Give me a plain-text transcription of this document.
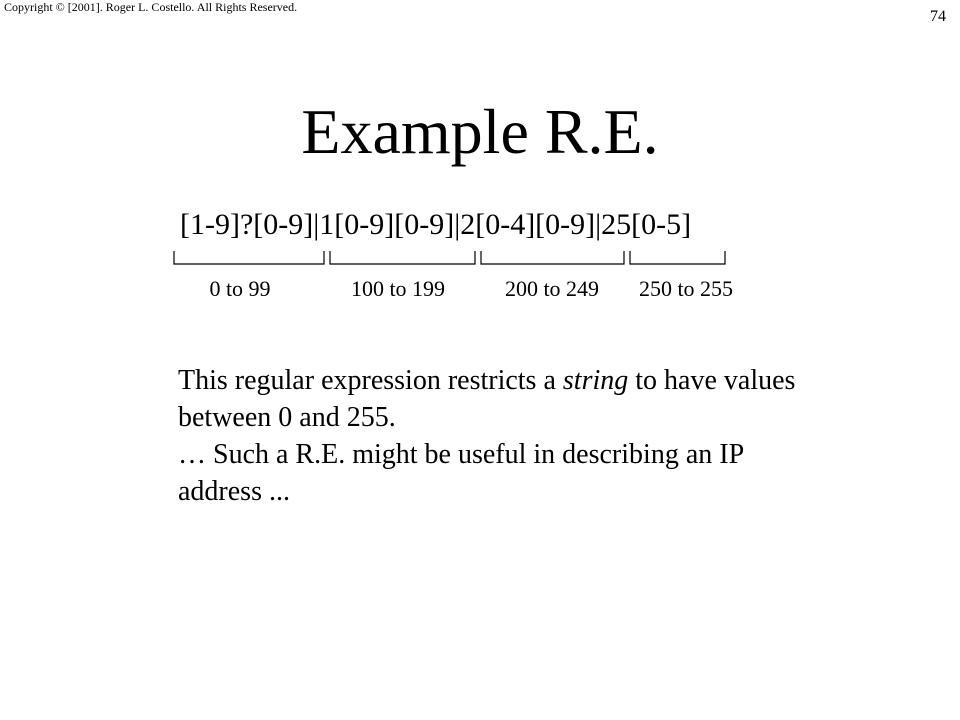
Copyright © [2001]. Roger L. Costello. All Rights Reserved.
74
Example R.E.
[1-9]?[0-9]|1[0-9][0-9]|2[0-4][0-9]|25[0-5]
0 to 99	100 to 199	200 to 249 250 to 255

This regular expression restricts a string to have values between 0 and 255.

… Such a R.E. might be useful in describing an IP address ...
